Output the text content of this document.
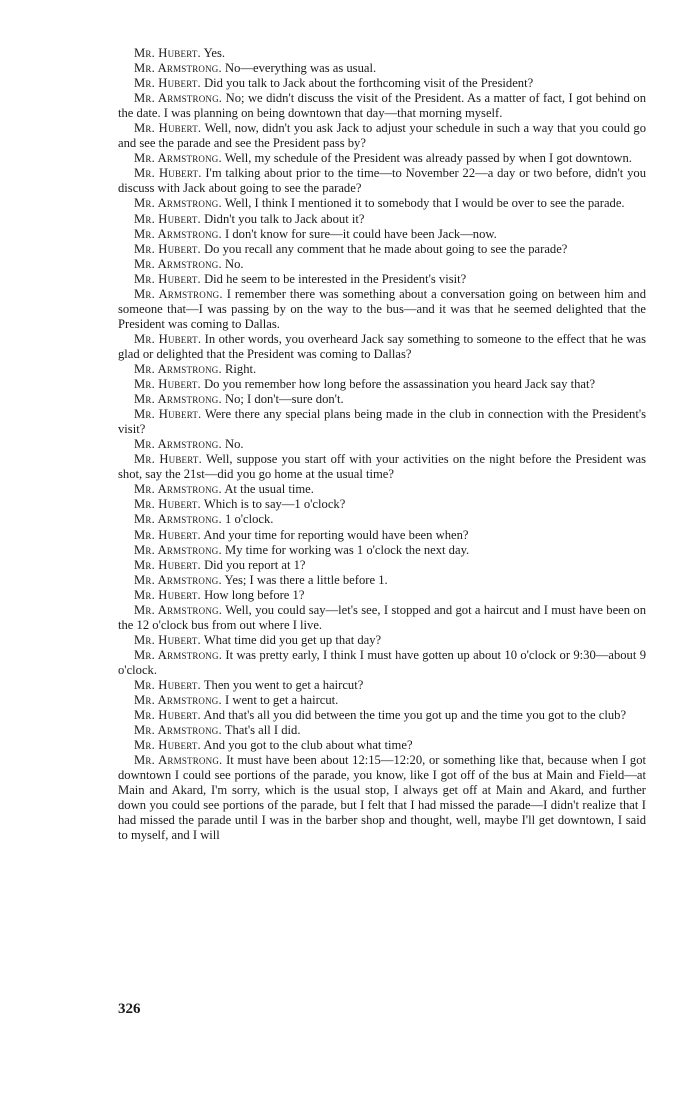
Mr. Hubert. Yes.

Mr. Armstrong. No—everything was as usual.

Mr. Hubert. Did you talk to Jack about the forthcoming visit of the President?

Mr. Armstrong. No; we didn't discuss the visit of the President. As a matter of fact, I got behind on the date. I was planning on being downtown that day—that morning myself.

Mr. Hubert. Well, now, didn't you ask Jack to adjust your schedule in such a way that you could go and see the parade and see the President pass by?

Mr. Armstrong. Well, my schedule of the President was already passed by when I got downtown.

Mr. Hubert. I'm talking about prior to the time—to November 22—a day or two before, didn't you discuss with Jack about going to see the parade?

Mr. Armstrong. Well, I think I mentioned it to somebody that I would be over to see the parade.

Mr. Hubert. Didn't you talk to Jack about it?

Mr. Armstrong. I don't know for sure—it could have been Jack—now.

Mr. Hubert. Do you recall any comment that he made about going to see the parade?

Mr. Armstrong. No.

Mr. Hubert. Did he seem to be interested in the President's visit?

Mr. Armstrong. I remember there was something about a conversation going on between him and someone that—I was passing by on the way to the bus—and it was that he seemed delighted that the President was coming to Dallas.

Mr. Hubert. In other words, you overheard Jack say something to someone to the effect that he was glad or delighted that the President was coming to Dallas?

Mr. Armstrong. Right.

Mr. Hubert. Do you remember how long before the assassination you heard Jack say that?

Mr. Armstrong. No; I don't—sure don't.

Mr. Hubert. Were there any special plans being made in the club in connection with the President's visit?

Mr. Armstrong. No.

Mr. Hubert. Well, suppose you start off with your activities on the night before the President was shot, say the 21st—did you go home at the usual time?

Mr. Armstrong. At the usual time.

Mr. Hubert. Which is to say—1 o'clock?

Mr. Armstrong. 1 o'clock.

Mr. Hubert. And your time for reporting would have been when?

Mr. Armstrong. My time for working was 1 o'clock the next day.

Mr. Hubert. Did you report at 1?

Mr. Armstrong. Yes; I was there a little before 1.

Mr. Hubert. How long before 1?

Mr. Armstrong. Well, you could say—let's see, I stopped and got a haircut and I must have been on the 12 o'clock bus from out where I live.

Mr. Hubert. What time did you get up that day?

Mr. Armstrong. It was pretty early, I think I must have gotten up about 10 o'clock or 9:30—about 9 o'clock.

Mr. Hubert. Then you went to get a haircut?

Mr. Armstrong. I went to get a haircut.

Mr. Hubert. And that's all you did between the time you got up and the time you got to the club?

Mr. Armstrong. That's all I did.

Mr. Hubert. And you got to the club about what time?

Mr. Armstrong. It must have been about 12:15—12:20, or something like that, because when I got downtown I could see portions of the parade, you know, like I got off of the bus at Main and Field—at Main and Akard, I'm sorry, which is the usual stop, I always get off at Main and Akard, and further down you could see portions of the parade, but I felt that I had missed the parade—I didn't realize that I had missed the parade until I was in the barber shop and thought, well, maybe I'll get downtown, I said to myself, and I will

326
